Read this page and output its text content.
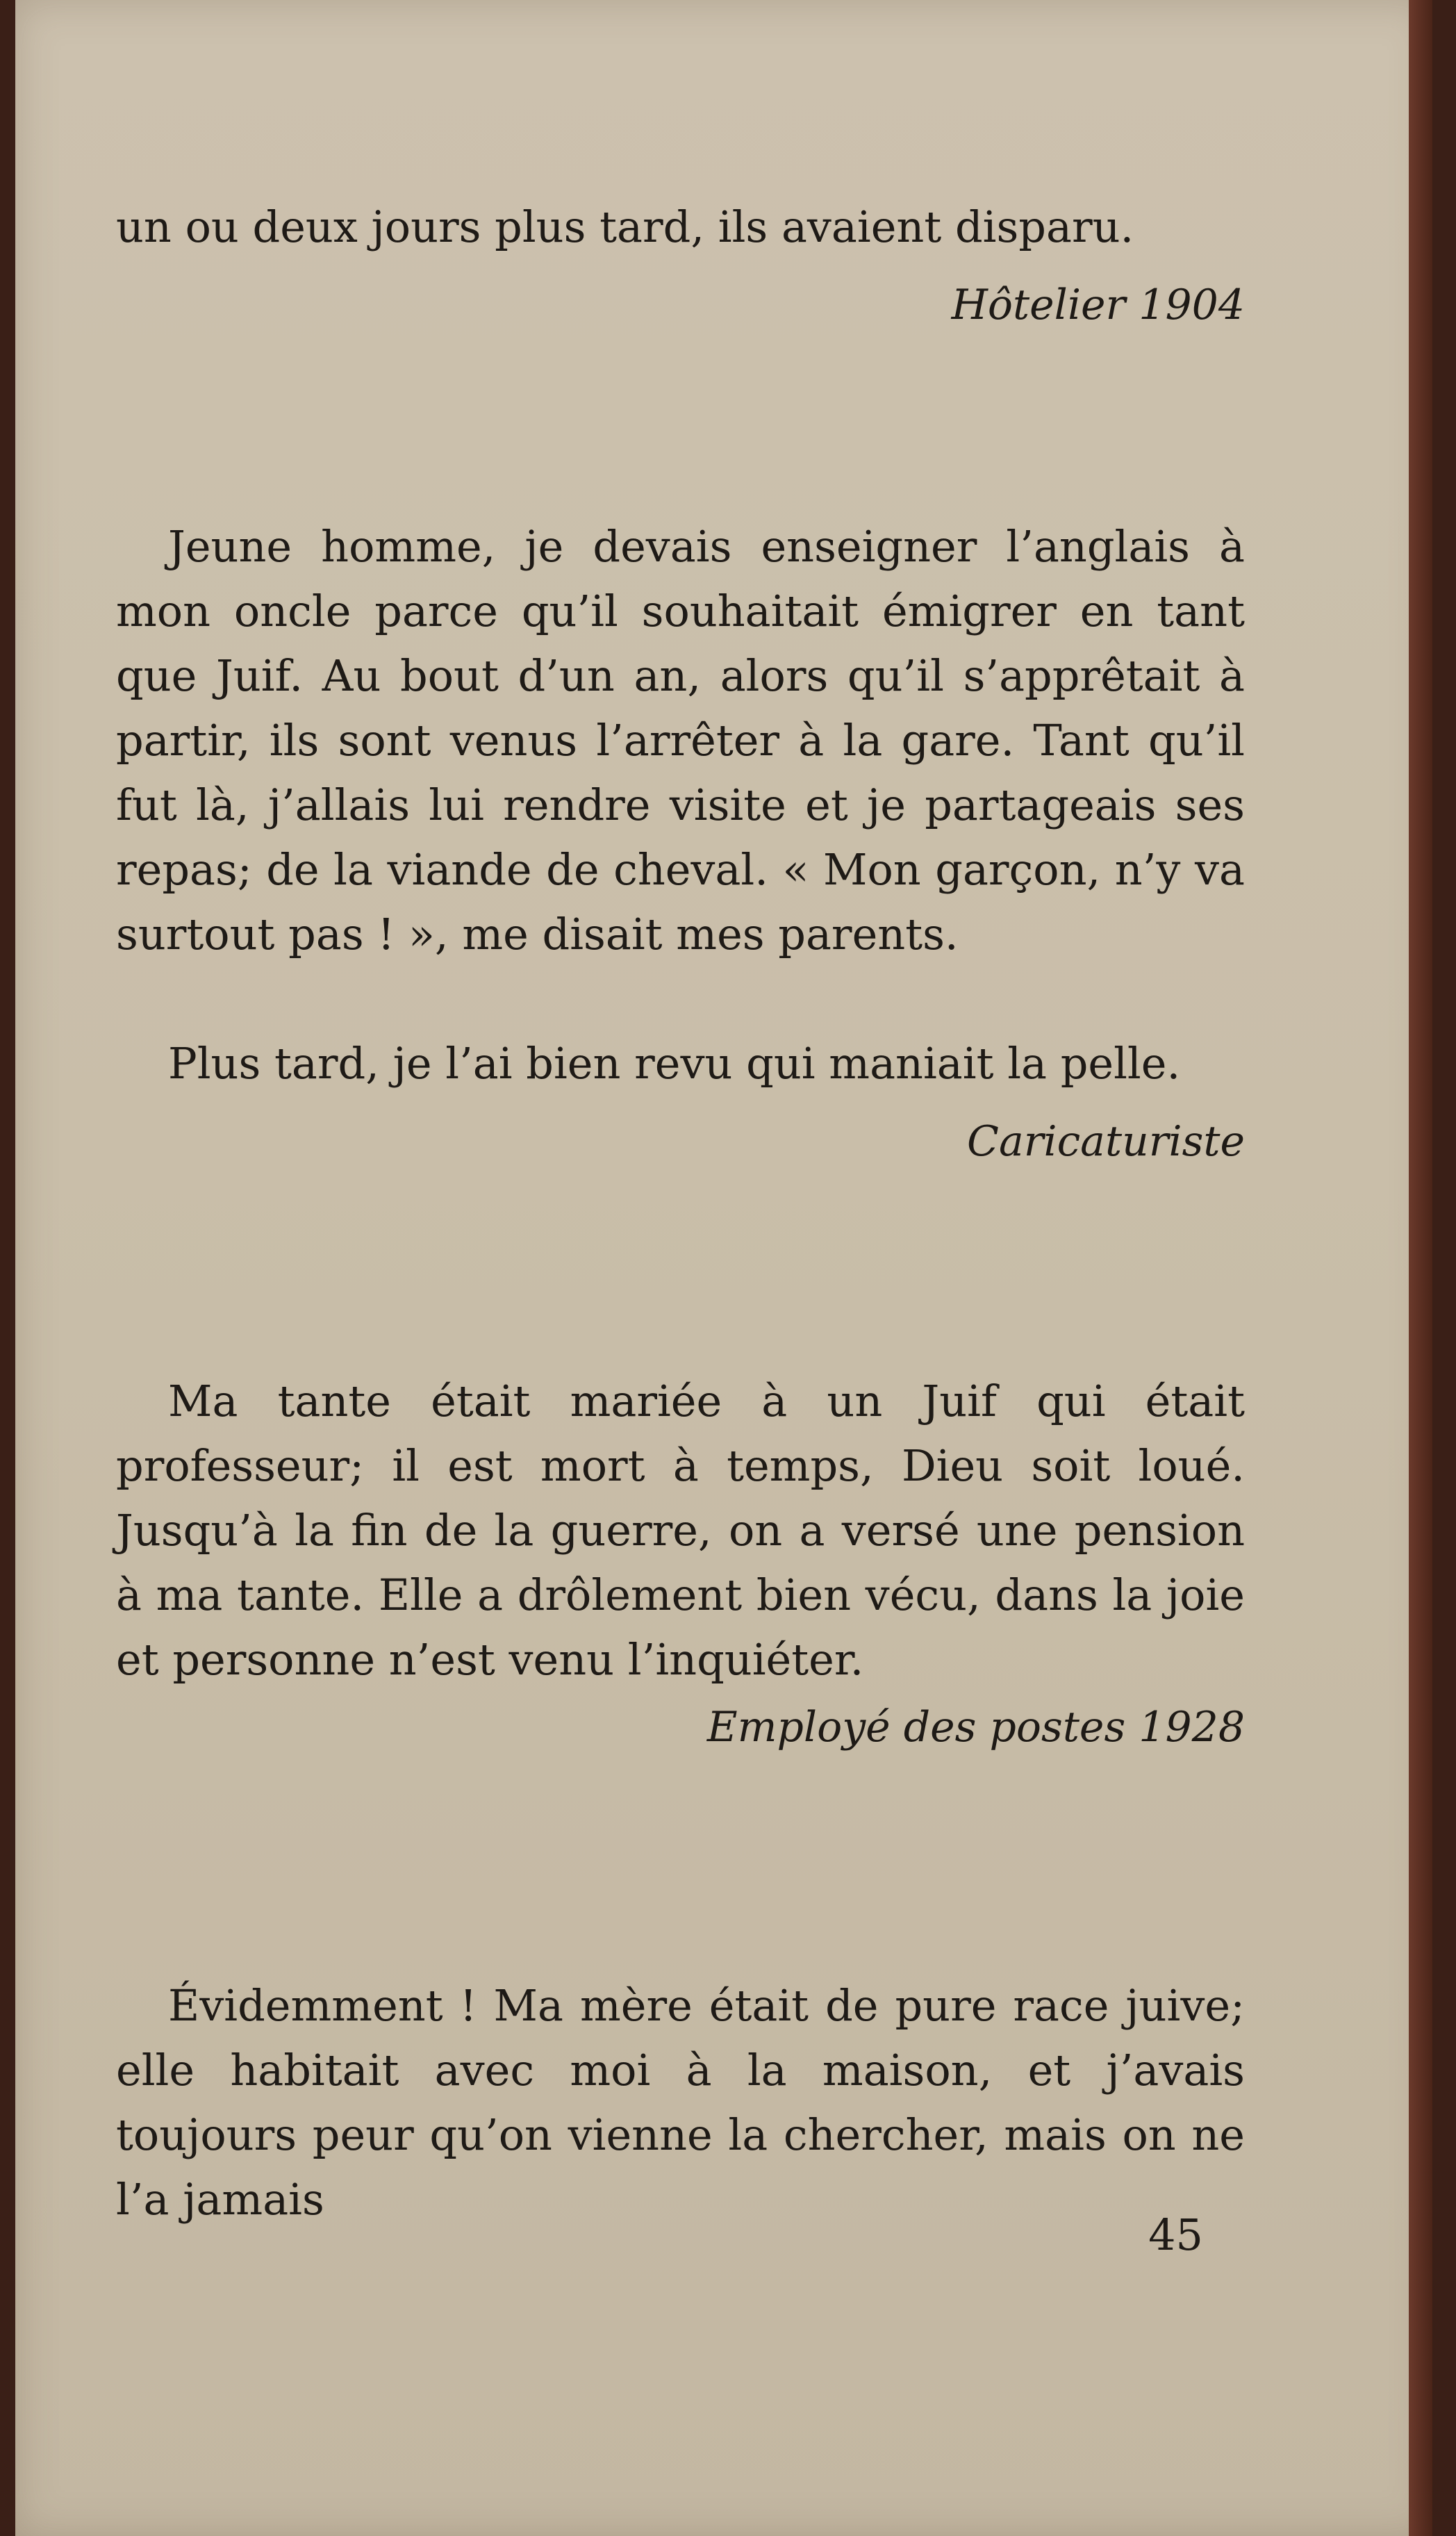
un ou deux jours plus tard, ils avaient disparu.

Hôtelier 1904

Jeune homme, je devais enseigner l’anglais à mon oncle parce qu’il souhaitait émigrer en tant que Juif. Au bout d’un an, alors qu’il s’apprêtait à partir, ils sont venus l’arrêter à la gare. Tant qu’il fut là, j’allais lui rendre visite et je partageais ses repas; de la viande de cheval. « Mon garçon, n’y va surtout pas ! », me disait mes parents.

Plus tard, je l’ai bien revu qui maniait la pelle.

Caricaturiste

Ma tante était mariée à un Juif qui était professeur; il est mort à temps, Dieu soit loué. Jusqu’à la fin de la guerre, on a versé une pension à ma tante. Elle a drôlement bien vécu, dans la joie et personne n’est venu l’inquiéter.

Employé des postes 1928

Évidemment ! Ma mère était de pure race juive; elle habitait avec moi à la maison, et j’avais toujours peur qu’on vienne la chercher, mais on ne l’a jamais

45
